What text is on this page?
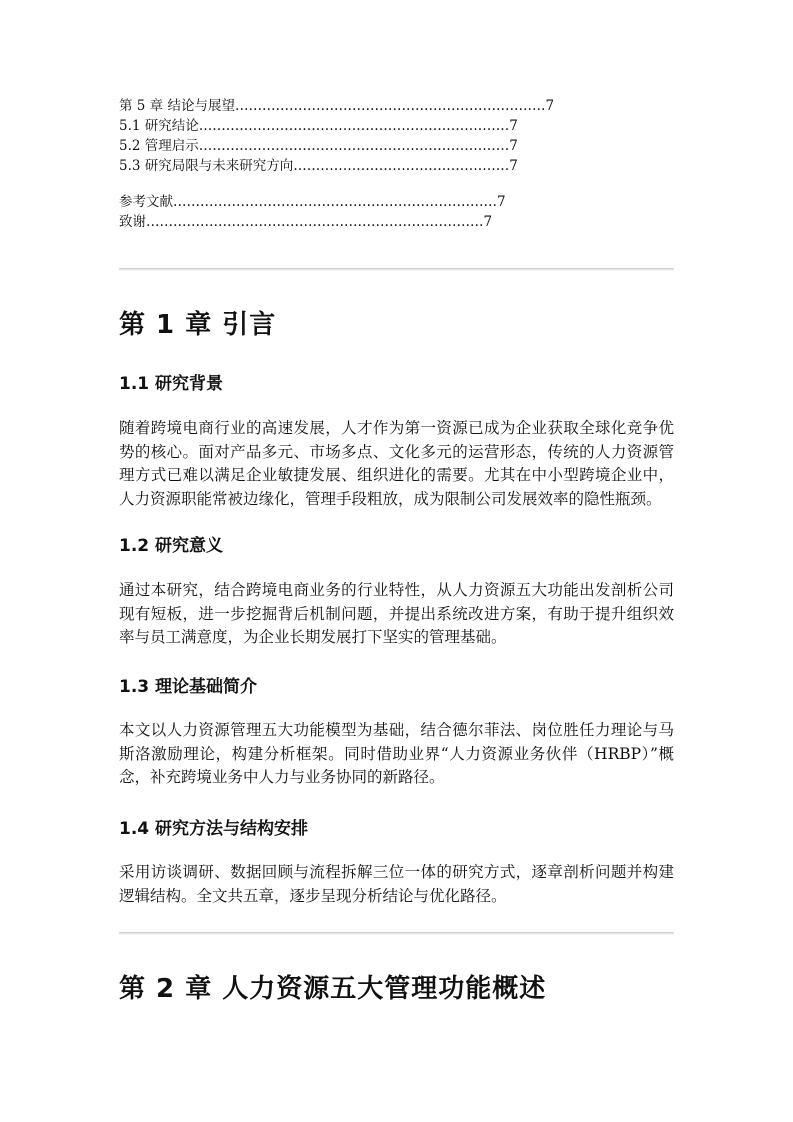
第 5 章 结论与展望 …………………………………………………………… 7
5.1 研究结论 …………………………………………………………… 7
5.2 管理启示 …………………………………………………………… 7
5.3 研究局限与未来研究方向 ………………………………………… 7
参考文献 ……………………………………………………………… 7
致谢 ………………………………………………………………… 7
第 1 章 引言
1.1 研究背景

随着跨境电商行业的高速发展，人才作为第一资源已成为企业获取全球化竞争优势的核心。面对产品多元、市场多点、文化多元的运营形态，传统的人力资源管理方式已难以满足企业敏捷发展、组织进化的需要。尤其在中小型跨境企业中，人力资源职能常被边缘化，管理手段粗放，成为限制公司发展效率的隐性瓶颈。

1.2 研究意义

通过本研究，结合跨境电商业务的行业特性，从人力资源五大功能出发剖析公司现有短板，进一步挖掘背后机制问题，并提出系统改进方案，有助于提升组织效率与员工满意度，为企业长期发展打下坚实的管理基础。

1.3 理论基础简介

本文以人力资源管理五大功能模型为基础，结合德尔菲法、岗位胜任力理论与马斯洛激励理论，构建分析框架。同时借助业界“人力资源业务伙伴（HRBP）”概念，补充跨境业务中人力与业务协同的新路径。

1.4 研究方法与结构安排

采用访谈调研、数据回顾与流程拆解三位一体的研究方式，逐章剖析问题并构建逻辑结构。全文共五章，逐步呈现分析结论与优化路径。

第 2 章 人力资源五大管理功能概述
